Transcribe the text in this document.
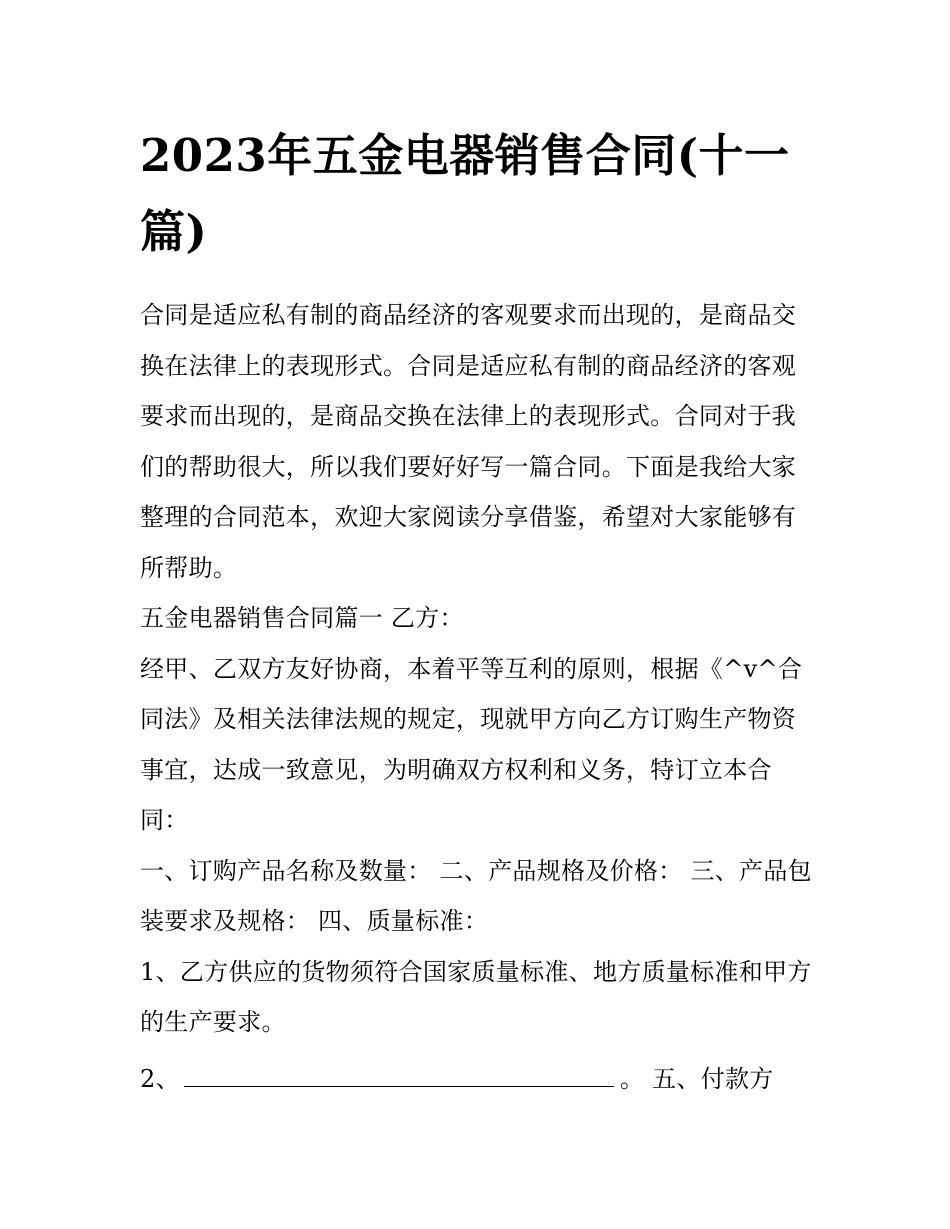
2023年五金电器销售合同(十一篇)

合同是适应私有制的商品经济的客观要求而出现的，是商品交换在法律上的表现形式。合同是适应私有制的商品经济的客观要求而出现的，是商品交换在法律上的表现形式。合同对于我们的帮助很大，所以我们要好好写一篇合同。下面是我给大家整理的合同范本，欢迎大家阅读分享借鉴，希望对大家能够有所帮助。

五金电器销售合同篇一 乙方：

经甲、乙双方友好协商，本着平等互利的原则，根据《^v^合同法》及相关法律法规的规定，现就甲方向乙方订购生产物资事宜，达成一致意见，为明确双方权利和义务，特订立本合同：

一、订购产品名称及数量： 二、产品规格及价格： 三、产品包装要求及规格： 四、质量标准：

1、乙方供应的货物须符合国家质量标准、地方质量标准和甲方的生产要求。

2、	。 五、付款方
